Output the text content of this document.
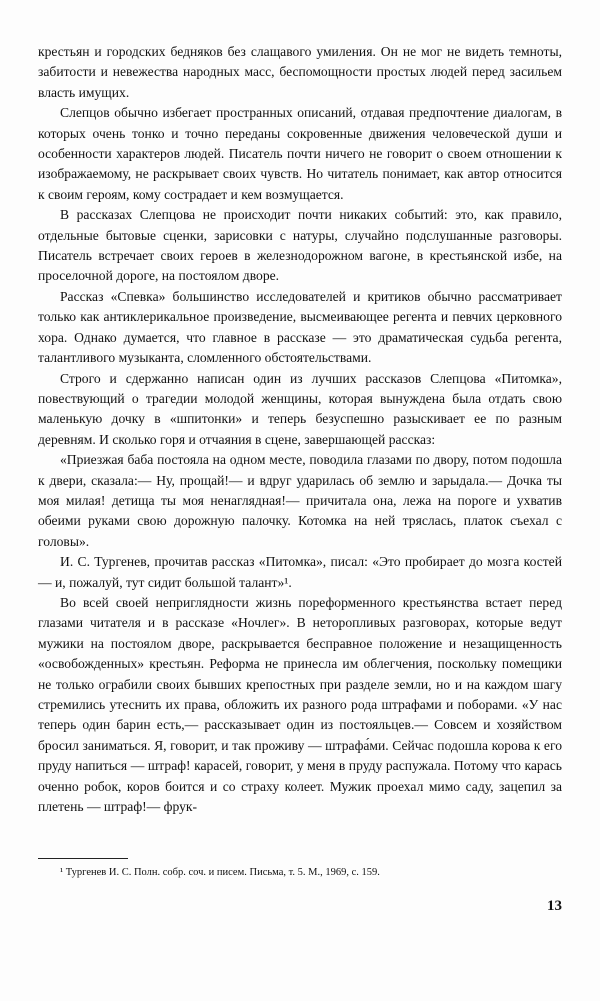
крестьян и городских бедняков без слащавого умиления. Он не мог не видеть темноты, забитости и невежества народных масс, беспомощности простых людей перед засильем власть имущих.

Слепцов обычно избегает пространных описаний, отдавая предпочтение диалогам, в которых очень тонко и точно переданы сокровенные движения человеческой души и особенности характеров людей. Писатель почти ничего не говорит о своем отношении к изображаемому, не раскрывает своих чувств. Но читатель понимает, как автор относится к своим героям, кому сострадает и кем возмущается.

В рассказах Слепцова не происходит почти никаких событий: это, как правило, отдельные бытовые сценки, зарисовки с натуры, случайно подслушанные разговоры. Писатель встречает своих героев в железнодорожном вагоне, в крестьянской избе, на проселочной дороге, на постоялом дворе.

Рассказ «Спевка» большинство исследователей и критиков обычно рассматривает только как антиклерикальное произведение, высмеивающее регента и певчих церковного хора. Однако думается, что главное в рассказе — это драматическая судьба регента, талантливого музыканта, сломленного обстоятельствами.

Строго и сдержанно написан один из лучших рассказов Слепцова «Питомка», повествующий о трагедии молодой женщины, которая вынуждена была отдать свою маленькую дочку в «шпитонки» и теперь безуспешно разыскивает ее по разным деревням. И сколько горя и отчаяния в сцене, завершающей рассказ:

«Приезжая баба постояла на одном месте, поводила глазами по двору, потом подошла к двери, сказала:— Ну, прощай!— и вдруг ударилась об землю и зарыдала.— Дочка ты моя милая! детища ты моя ненаглядная!— причитала она, лежа на пороге и ухватив обеими руками свою дорожную палочку. Котомка на ней тряслась, платок съехал с головы».

И. С. Тургенев, прочитав рассказ «Питомка», писал: «Это пробирает до мозга костей — и, пожалуй, тут сидит большой талант»¹.

Во всей своей неприглядности жизнь пореформенного крестьянства встает перед глазами читателя и в рассказе «Ночлег». В неторопливых разговорах, которые ведут мужики на постоялом дворе, раскрывается бесправное положение и незащищенность «освобожденных» крестьян. Реформа не принесла им облегчения, поскольку помещики не только ограбили своих бывших крепостных при разделе земли, но и на каждом шагу стремились утеснить их права, обложить их разного рода штрафами и поборами. «У нас теперь один барин есть,— рассказывает один из постояльцев.— Совсем и хозяйством бросил заниматься. Я, говорит, и так проживу — штрафа́ми. Сейчас подошла корова к его пруду напиться — штраф! карасей, говорит, у меня в пруду распужала. Потому что карась оченно робок, коров боится и со страху колеет. Мужик проехал мимо саду, зацепил за плетень — штраф!— фрук-

¹ Тургенев И. С. Полн. собр. соч. и писем. Письма, т. 5. М., 1969, с. 159.
13
